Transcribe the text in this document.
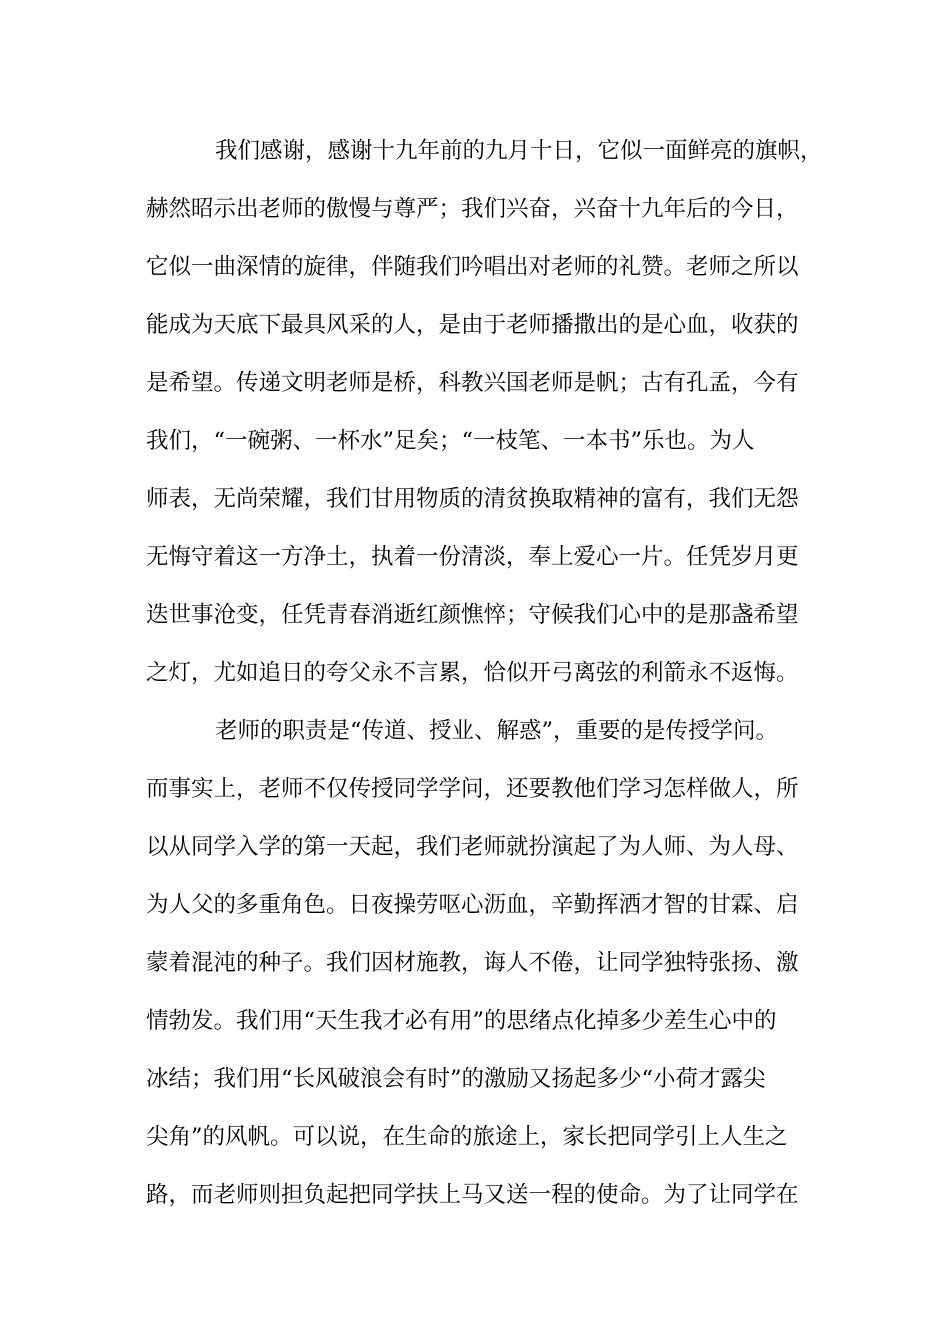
我们感谢，感谢十九年前的九月十日，它似一面鲜亮的旗帜，
赫然昭示出老师的傲慢与尊严；我们兴奋，兴奋十九年后的今日，
它似一曲深情的旋律，伴随我们吟唱出对老师的礼赞。老师之所以
能成为天底下最具风采的人，是由于老师播撒出的是心血，收获的
是希望。传递文明老师是桥，科教兴国老师是帆；古有孔孟，今有
我们，“一碗粥、一杯水”足矣；“一枝笔、一本书”乐也。为人
师表，无尚荣耀，我们甘用物质的清贫换取精神的富有，我们无怨
无悔守着这一方净土，执着一份清淡，奉上爱心一片。任凭岁月更
迭世事沧变，任凭青春消逝红颜憔悴；守候我们心中的是那盏希望
之灯，尤如追日的夸父永不言累，恰似开弓离弦的利箭永不返悔。
老师的职责是“传道、授业、解惑”，重要的是传授学问。
而事实上，老师不仅传授同学学问，还要教他们学习怎样做人，所
以从同学入学的第一天起，我们老师就扮演起了为人师、为人母、
为人父的多重角色。日夜操劳呕心沥血，辛勤挥洒才智的甘霖、启
蒙着混沌的种子。我们因材施教，诲人不倦，让同学独特张扬、激
情勃发。我们用“天生我才必有用”的思绪点化掉多少差生心中的
冰结；我们用“长风破浪会有时”的激励又扬起多少“小荷才露尖
尖角”的风帆。可以说，在生命的旅途上，家长把同学引上人生之
路，而老师则担负起把同学扶上马又送一程的使命。为了让同学在
